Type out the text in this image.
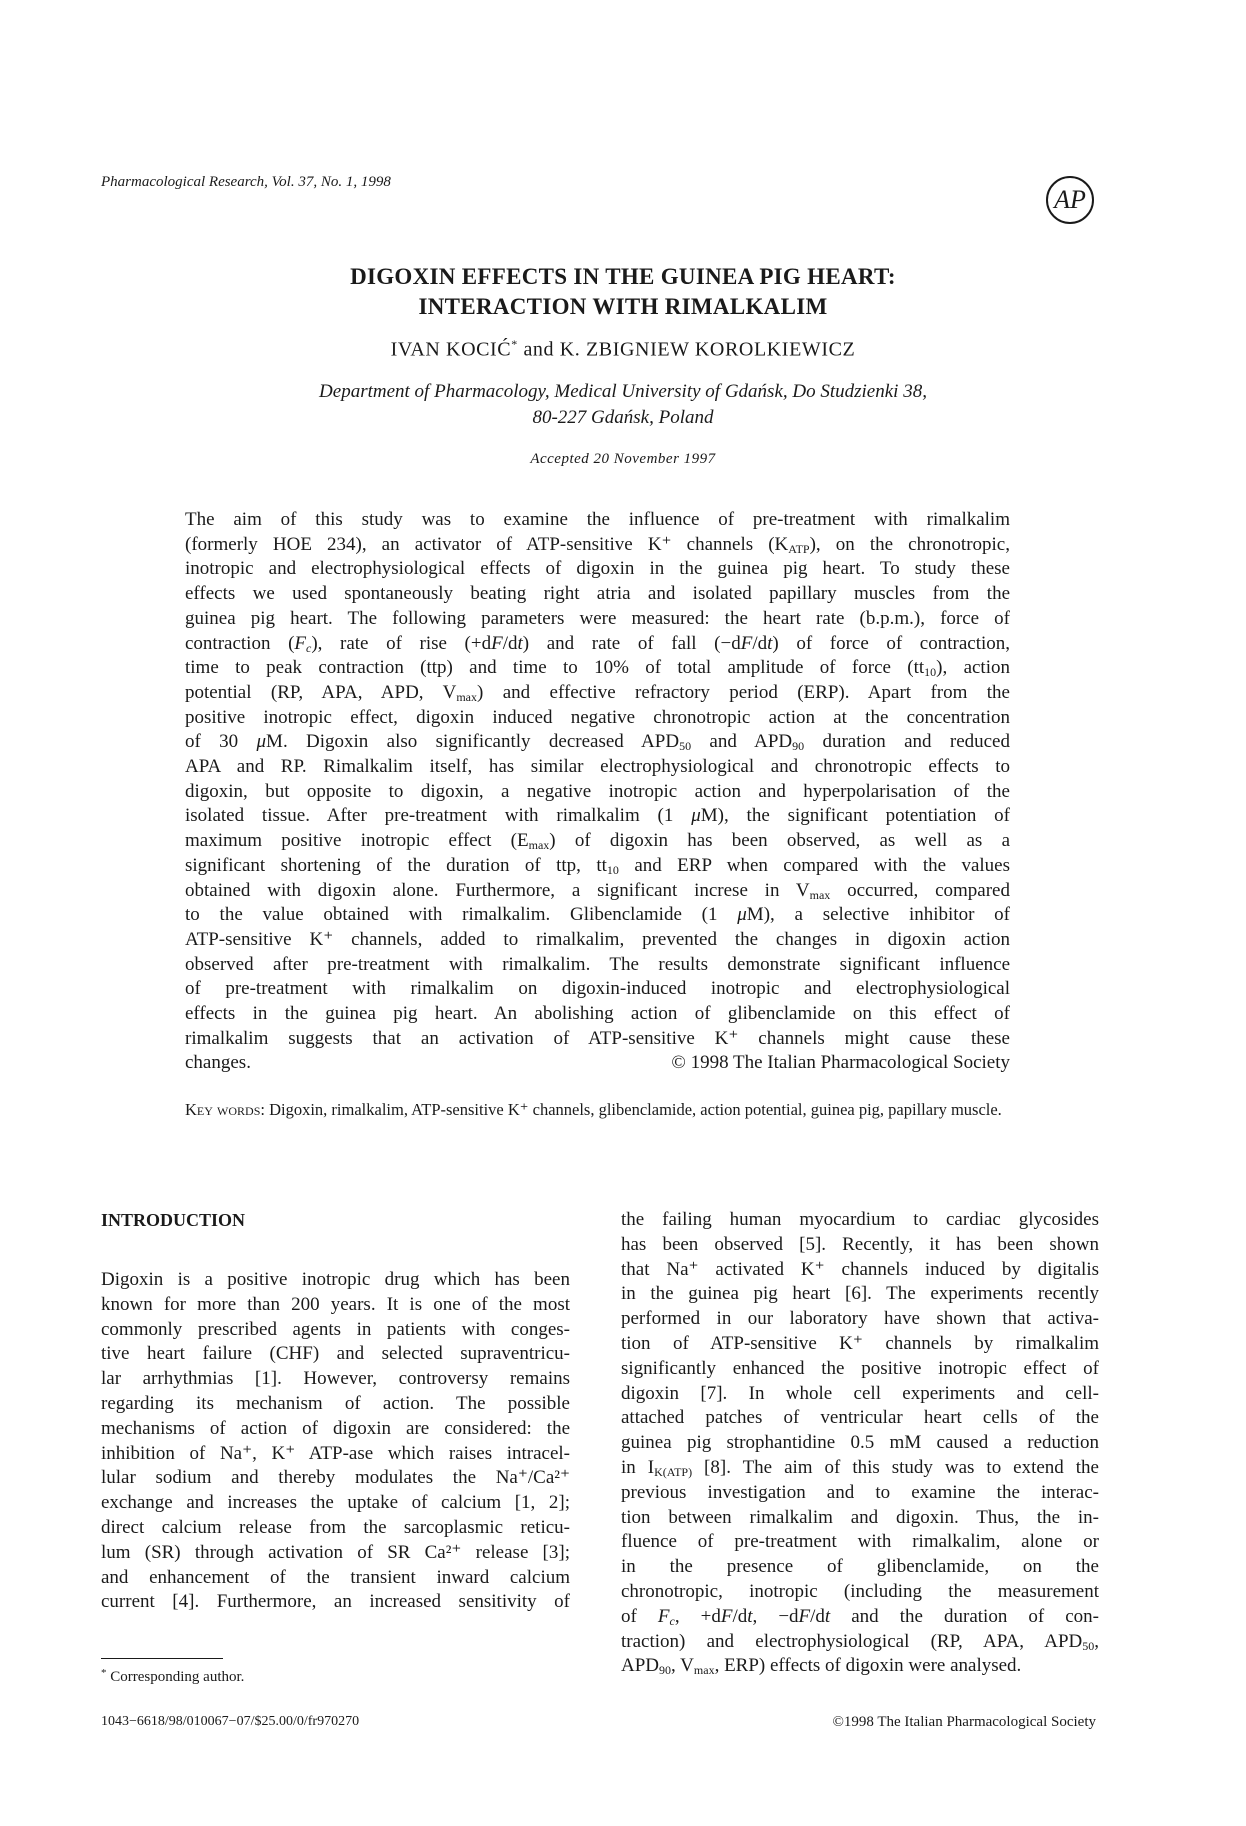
Pharmacological Research, Vol. 37, No. 1, 1998
AP
DIGOXIN EFFECTS IN THE GUINEA PIG HEART:
INTERACTION WITH RIMALKALIM
IVAN KOCIĆ* and K. ZBIGNIEW KOROLKIEWICZ
Department of Pharmacology, Medical University of Gdańsk, Do Studzienki 38,
80-227 Gdańsk, Poland
Accepted 20 November 1997
The aim of this study was to examine the influence of pre-treatment with rimalkalim
(formerly HOE 234), an activator of ATP-sensitive K⁺ channels $(K_{ATP})$, on the chronotropic,
inotropic and electrophysiological effects of digoxin in the guinea pig heart. To study these
effects we used spontaneously beating right atria and isolated papillary muscles from the
guinea pig heart. The following parameters were measured: the heart rate (b.p.m.), force of
contraction $(F_c)$, rate of rise (+dF/dt) and rate of fall (−dF/dt) of force of contraction,
time to peak contraction (ttp) and time to 10% of total amplitude of force $(tt_{10})$, action
potential (RP, APA, APD, $V_{max}$) and effective refractory period (ERP). Apart from the
positive inotropic effect, digoxin induced negative chronotropic action at the concentration
of 30 μM. Digoxin also significantly decreased $APD_{50}$ and $APD_{90}$ duration and reduced
APA and RP. Rimalkalim itself, has similar electrophysiological and chronotropic effects to
digoxin, but opposite to digoxin, a negative inotropic action and hyperpolarisation of the
isolated tissue. After pre-treatment with rimalkalim (1 μM), the significant potentiation of
maximum positive inotropic effect $(E_{max})$ of digoxin has been observed, as well as a
significant shortening of the duration of ttp, $tt_{10}$ and ERP when compared with the values
obtained with digoxin alone. Furthermore, a significant increse in $V_{max}$ occurred, compared
to the value obtained with rimalkalim. Glibenclamide (1 μM), a selective inhibitor of
ATP-sensitive K⁺ channels, added to rimalkalim, prevented the changes in digoxin action
observed after pre-treatment with rimalkalim. The results demonstrate significant influence
of pre-treatment with rimalkalim on digoxin-induced inotropic and electrophysiological
effects in the guinea pig heart. An abolishing action of glibenclamide on this effect of
rimalkalim suggests that an activation of ATP-sensitive K⁺ channels might cause these
changes.	© 1998 The Italian Pharmacological Society
Key words: Digoxin, rimalkalim, ATP-sensitive K⁺ channels, glibenclamide, action potential, guinea pig, papillary muscle.
INTRODUCTION
Digoxin is a positive inotropic drug which has been
known for more than 200 years. It is one of the most
commonly prescribed agents in patients with conges-
tive heart failure (CHF) and selected supraventricu-
lar arrhythmias [1]. However, controversy remains
regarding its mechanism of action. The possible
mechanisms of action of digoxin are considered: the
inhibition of Na⁺, K⁺ ATP-ase which raises intracel-
lular sodium and thereby modulates the Na⁺/Ca²⁺
exchange and increases the uptake of calcium [1, 2];
direct calcium release from the sarcoplasmic reticu-
lum (SR) through activation of SR Ca²⁺ release [3];
and enhancement of the transient inward calcium
current [4]. Furthermore, an increased sensitivity of
the failing human myocardium to cardiac glycosides
has been observed [5]. Recently, it has been shown
that Na⁺ activated K⁺ channels induced by digitalis
in the guinea pig heart [6]. The experiments recently
performed in our laboratory have shown that activa-
tion of ATP-sensitive K⁺ channels by rimalkalim
significantly enhanced the positive inotropic effect of
digoxin [7]. In whole cell experiments and cell-
attached patches of ventricular heart cells of the
guinea pig strophantidine 0.5 mM caused a reduction
in $I_{K(ATP)}$ [8]. The aim of this study was to extend the
previous investigation and to examine the interac-
tion between rimalkalim and digoxin. Thus, the in-
fluence of pre-treatment with rimalkalim, alone or
in the presence of glibenclamide, on the
chronotropic, inotropic (including the measurement
of $F_c$, +dF/dt, −dF/dt and the duration of con-
traction) and electrophysiological (RP, APA, $APD_{50}$,
$APD_{90}$, $V_{max}$, ERP) effects of digoxin were analysed.
* Corresponding author.
1043−6618/98/010067−07/$25.00/0/fr970270	©1998 The Italian Pharmacological Society
